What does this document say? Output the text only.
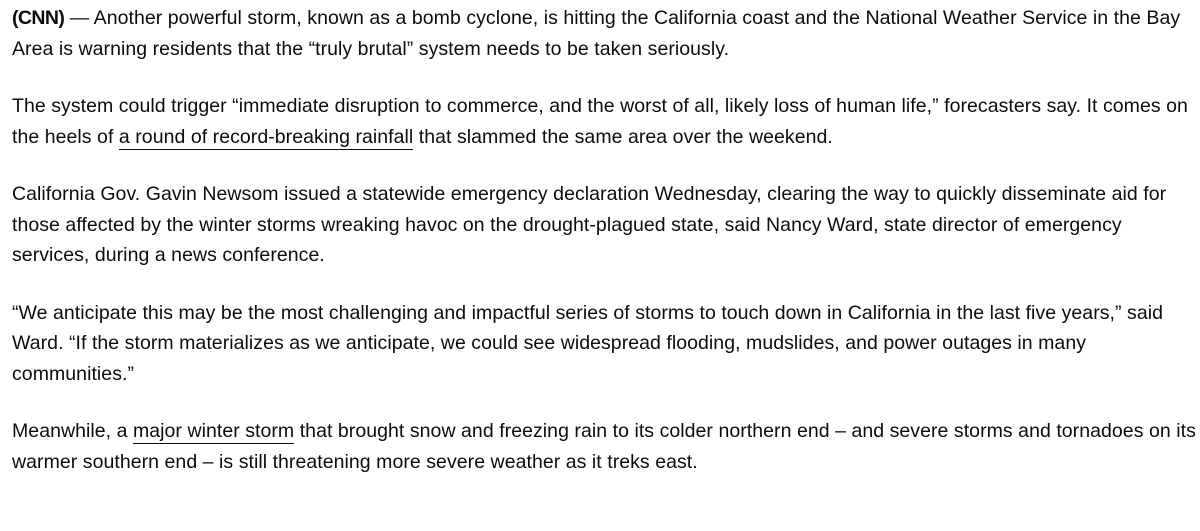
(CNN) — Another powerful storm, known as a bomb cyclone, is hitting the California coast and the National Weather Service in the Bay Area is warning residents that the “truly brutal” system needs to be taken seriously.

The system could trigger “immediate disruption to commerce, and the worst of all, likely loss of human life,” forecasters say. It comes on the heels of a round of record-breaking rainfall that slammed the same area over the weekend.

California Gov. Gavin Newsom issued a statewide emergency declaration Wednesday, clearing the way to quickly disseminate aid for those affected by the winter storms wreaking havoc on the drought-plagued state, said Nancy Ward, state director of emergency services, during a news conference.

“We anticipate this may be the most challenging and impactful series of storms to touch down in California in the last five years,” said Ward. “If the storm materializes as we anticipate, we could see widespread flooding, mudslides, and power outages in many communities.”

Meanwhile, a major winter storm that brought snow and freezing rain to its colder northern end – and severe storms and tornadoes on its warmer southern end – is still threatening more severe weather as it treks east.
